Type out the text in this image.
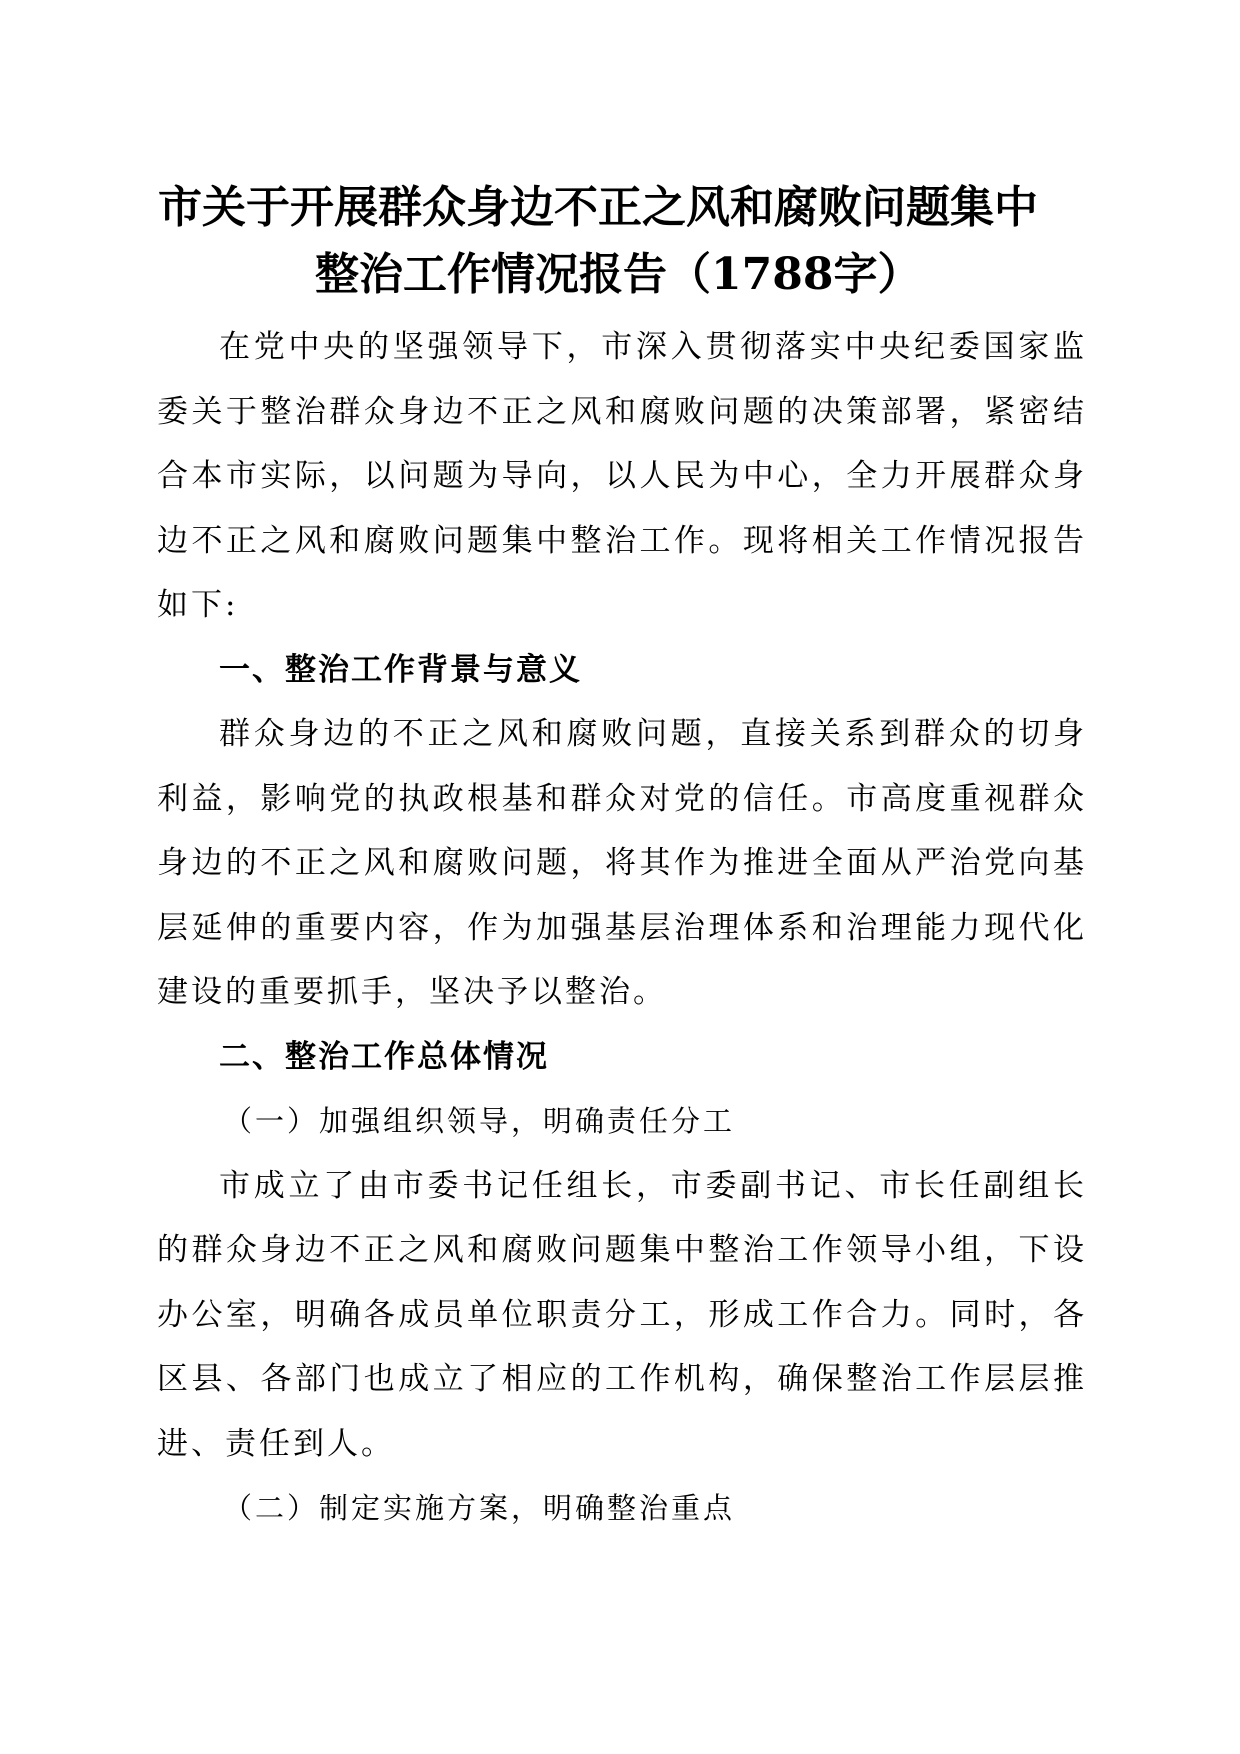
市关于开展群众身边不正之风和腐败问题集中
整治工作情况报告（1788字）

在党中央的坚强领导下，市深入贯彻落实中央纪委国家监委关于整治群众身边不正之风和腐败问题的决策部署，紧密结合本市实际，以问题为导向，以人民为中心，全力开展群众身边不正之风和腐败问题集中整治工作。现将相关工作情况报告如下:

一、整治工作背景与意义

群众身边的不正之风和腐败问题，直接关系到群众的切身利益，影响党的执政根基和群众对党的信任。市高度重视群众身边的不正之风和腐败问题，将其作为推进全面从严治党向基层延伸的重要内容，作为加强基层治理体系和治理能力现代化建设的重要抓手，坚决予以整治。

二、整治工作总体情况

（一）加强组织领导，明确责任分工

市成立了由市委书记任组长，市委副书记、市长任副组长的群众身边不正之风和腐败问题集中整治工作领导小组，下设办公室，明确各成员单位职责分工，形成工作合力。同时，各区县、各部门也成立了相应的工作机构，确保整治工作层层推进、责任到人。

（二）制定实施方案，明确整治重点
